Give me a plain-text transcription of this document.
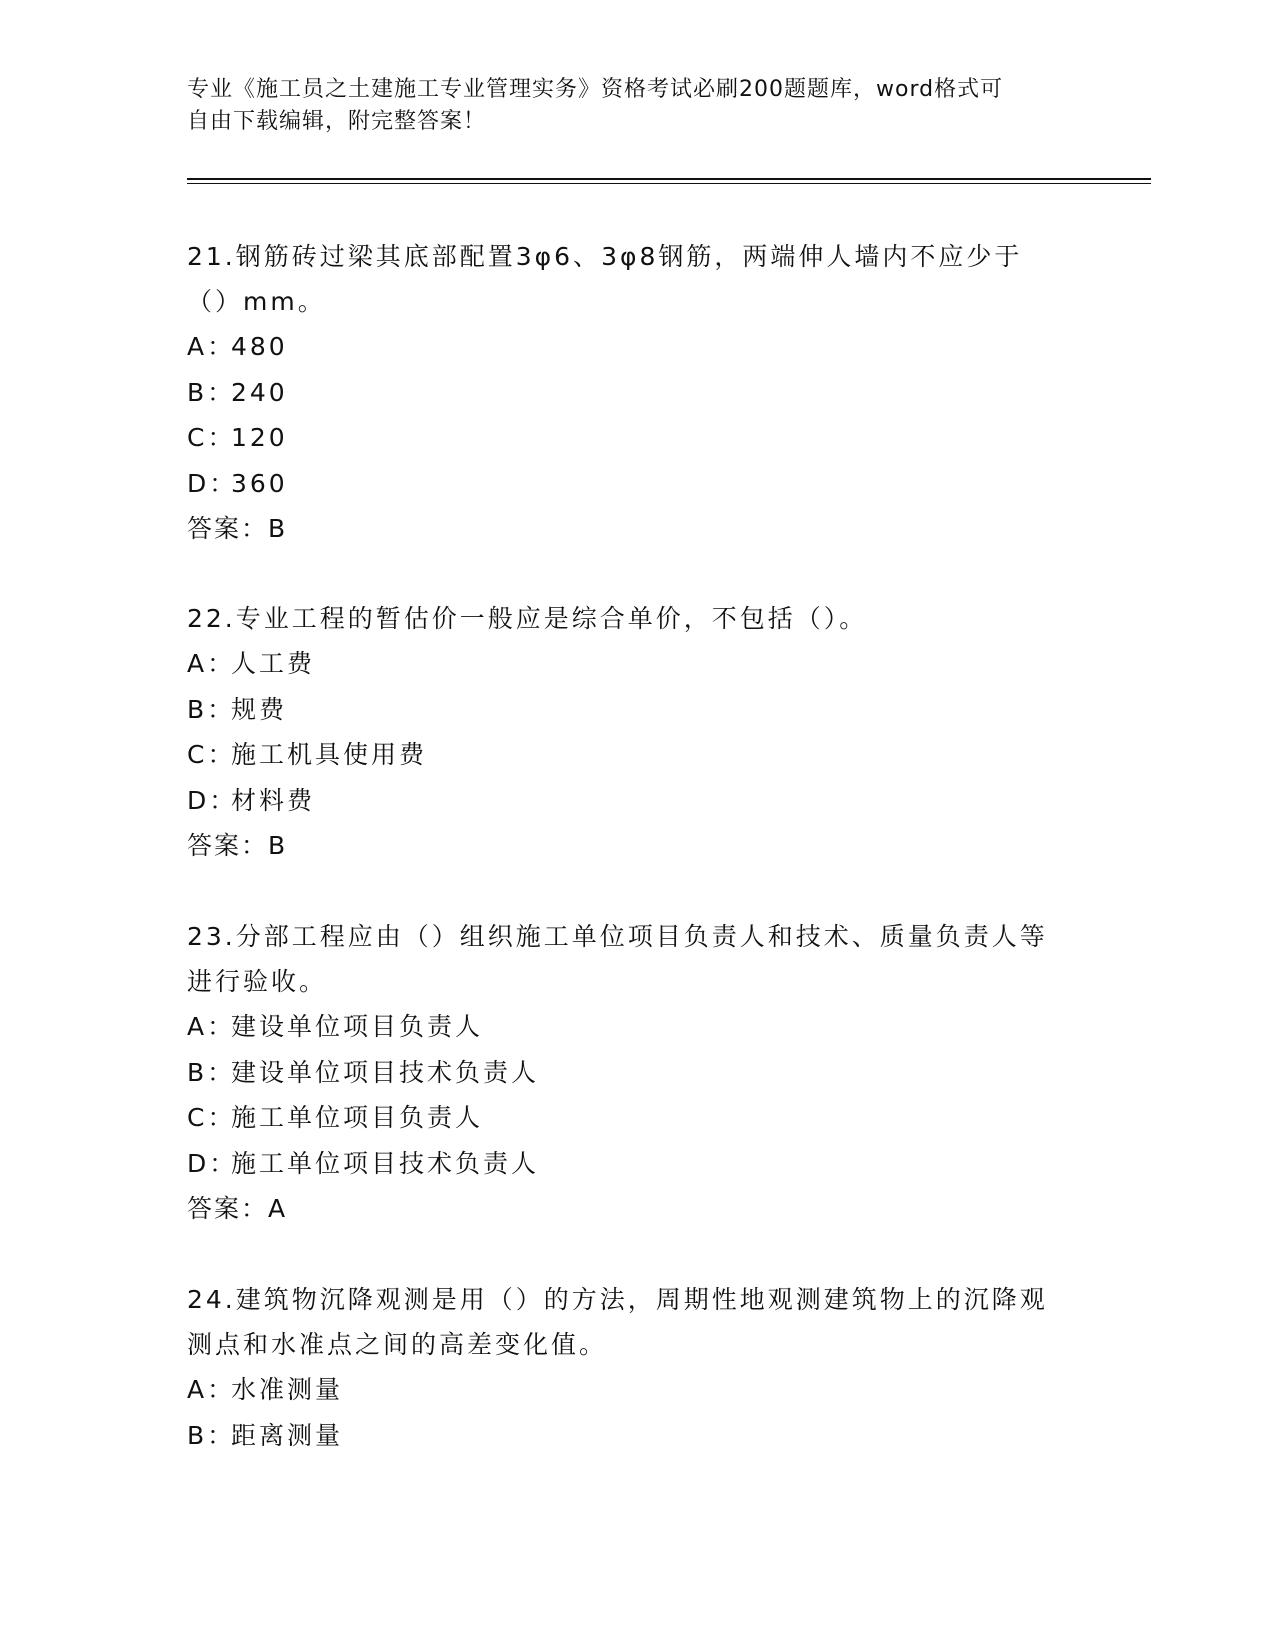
专业《施工员之土建施工专业管理实务》资格考试必刷200题题库，word格式可
自由下载编辑，附完整答案！
21.钢筋砖过梁其底部配置3φ6、3φ8钢筋，两端伸人墙内不应少于
（）mm。
A：480
B：240
C：120
D：360
答案：B
22.专业工程的暂估价一般应是综合单价，不包括（）。
A：人工费
B：规费
C：施工机具使用费
D：材料费
答案：B
23.分部工程应由（）组织施工单位项目负责人和技术、质量负责人等
进行验收。
A：建设单位项目负责人
B：建设单位项目技术负责人
C：施工单位项目负责人
D：施工单位项目技术负责人
答案：A
24.建筑物沉降观测是用（）的方法，周期性地观测建筑物上的沉降观
测点和水准点之间的高差变化值。
A：水准测量
B：距离测量
